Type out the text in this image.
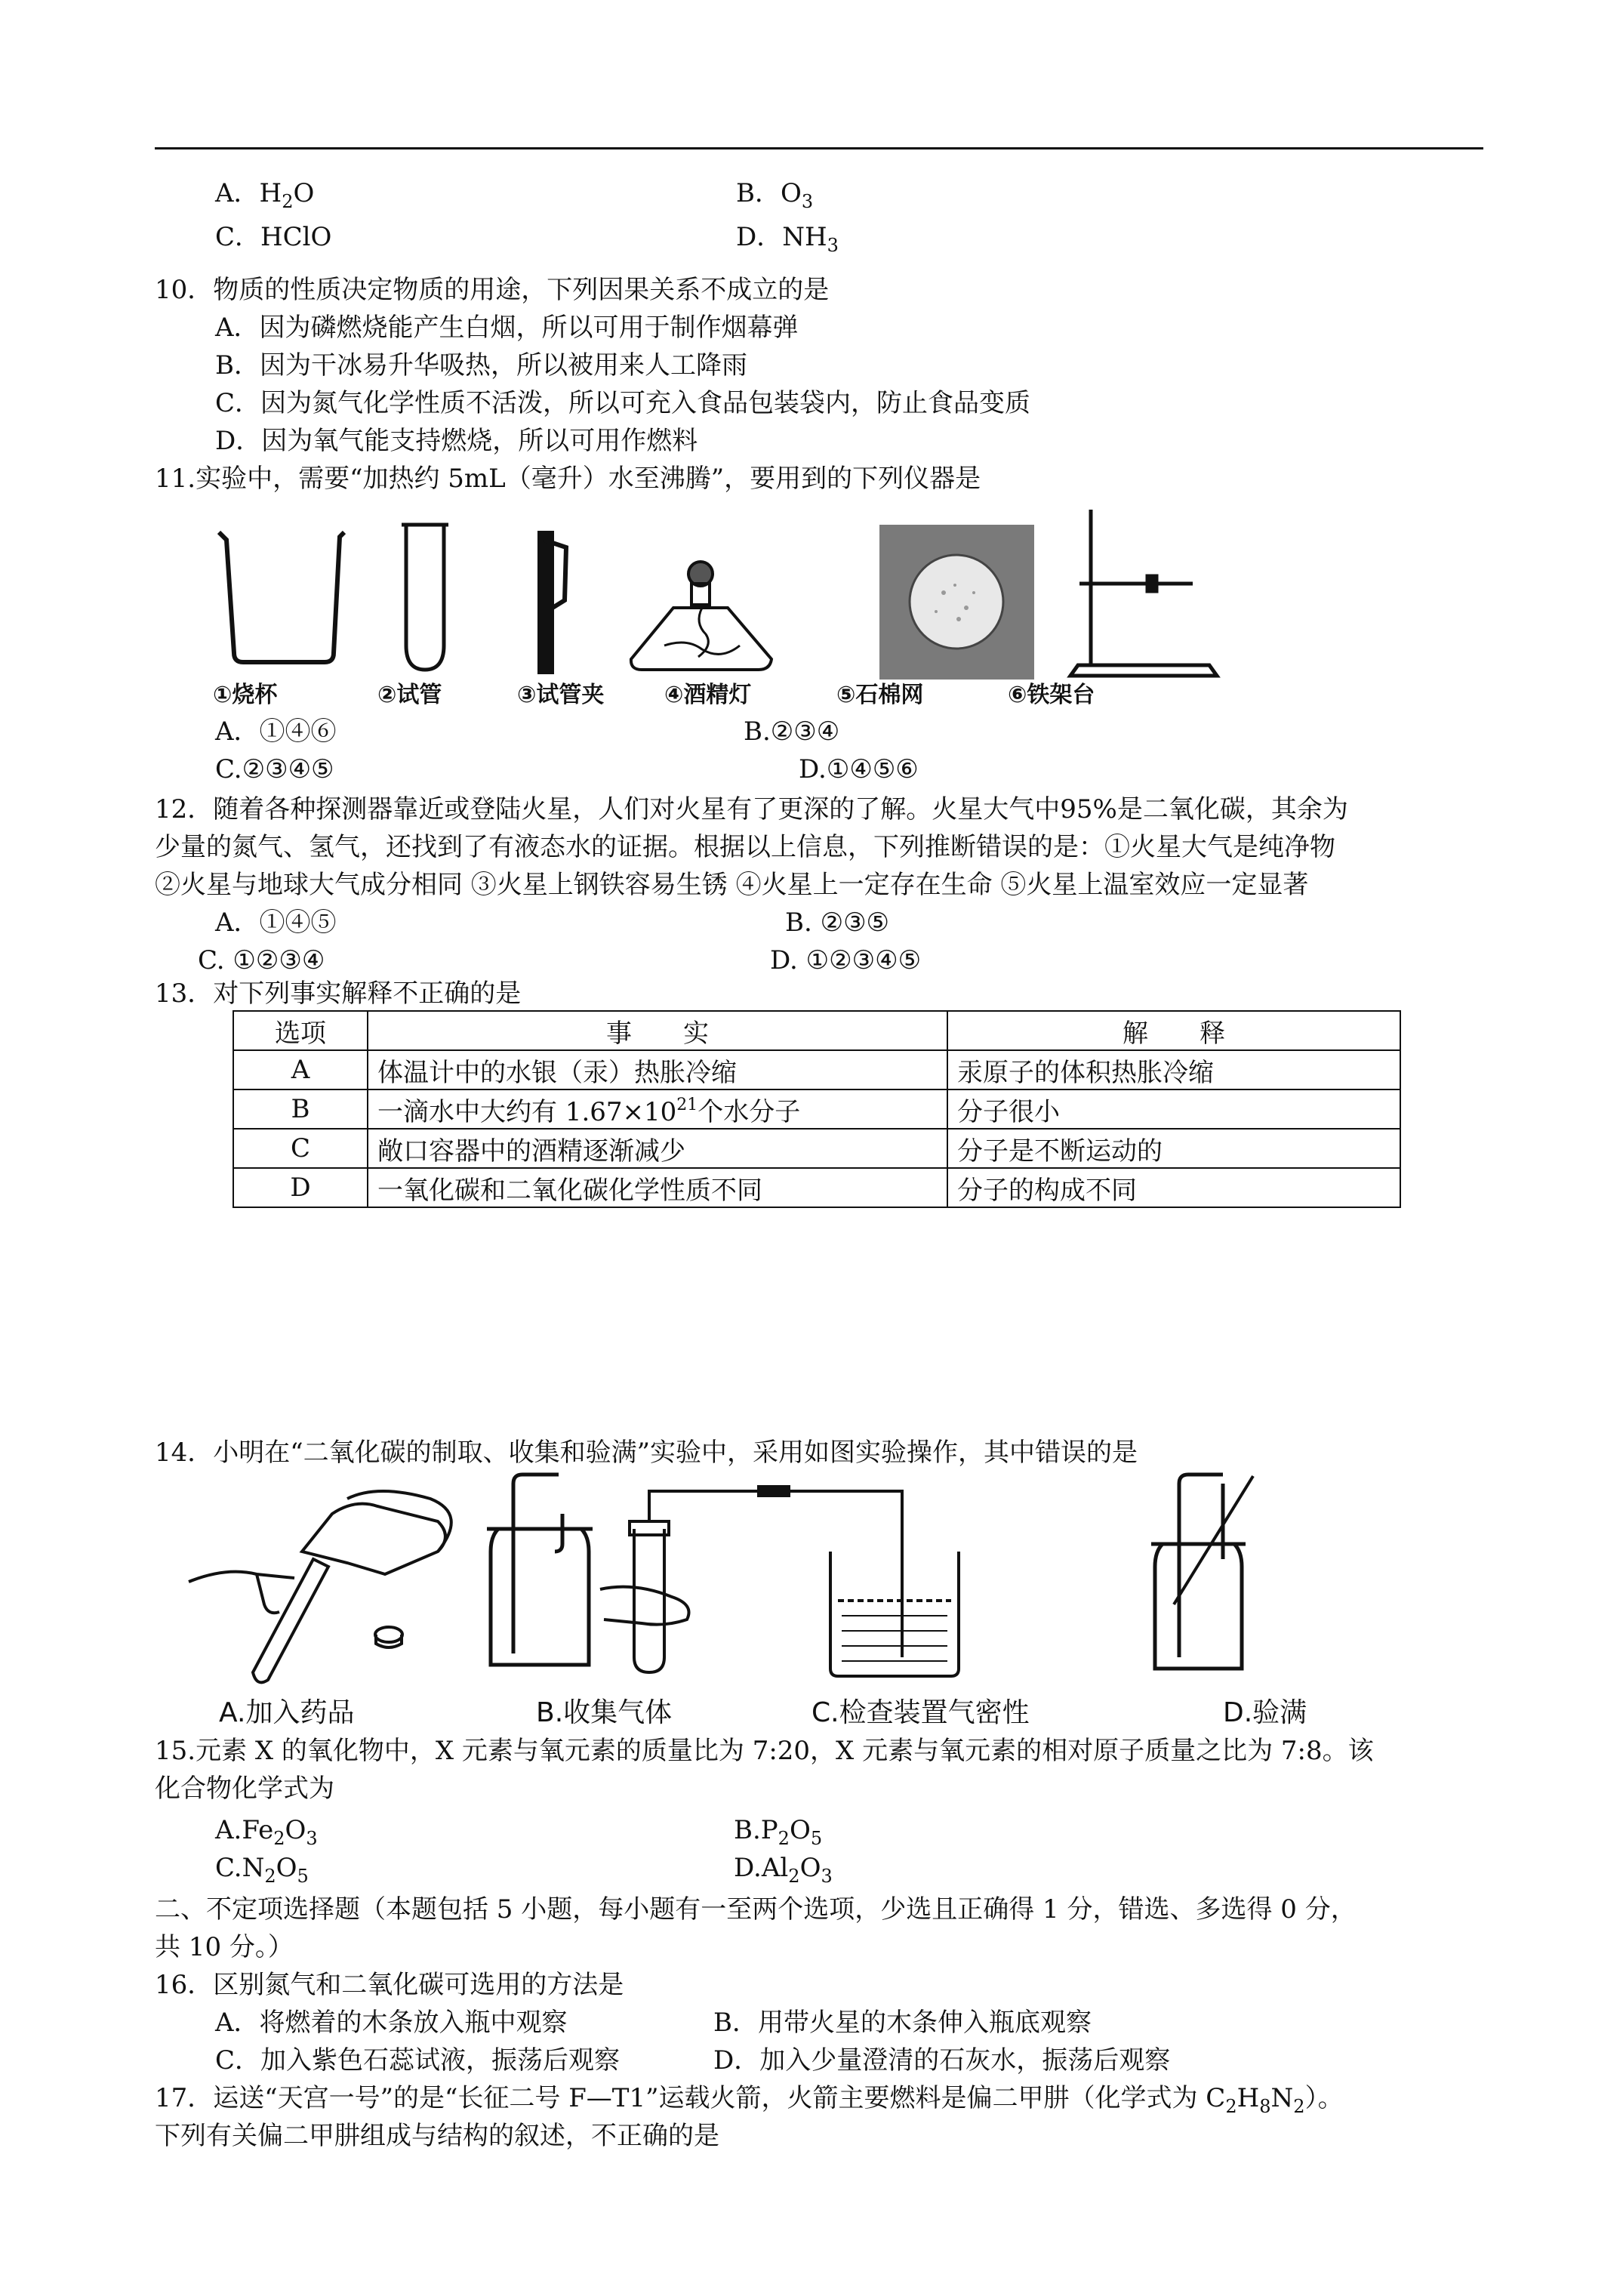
A．$H_2O$	B．$O_3$
C．HClO	D．$NH_3$
10．物质的性质决定物质的用途，下列因果关系不成立的是
A．因为磷燃烧能产生白烟，所以可用于制作烟幕弹
B．因为干冰易升华吸热，所以被用来人工降雨
C．因为氮气化学性质不活泼，所以可充入食品包装袋内，防止食品变质
D．因为氧气能支持燃烧，所以可用作燃料
11.实验中，需要“加热约 5mL（毫升）水至沸腾”，要用到的下列仪器是
①烧杯	②试管	③试管夹	④酒精灯	⑤石棉网	⑥铁架台
A．①④⑥	B.②③④
C.②③④⑤	D.①④⑤⑥
12．随着各种探测器靠近或登陆火星，人们对火星有了更深的了解。火星大气中95%是二氧化碳，其余为
少量的氮气、氢气，还找到了有液态水的证据。根据以上信息，下列推断错误的是：①火星大气是纯净物
②火星与地球大气成分相同 ③火星上钢铁容易生锈 ④火星上一定存在生命 ⑤火星上温室效应一定显著
A．①④⑤	B. ②③⑤
C. ①②③④	D. ①②③④⑤
13．对下列事实解释不正确的是
选项	事　　实	解　　释
A	体温计中的水银（汞）热胀冷缩	汞原子的体积热胀冷缩
B	一滴水中大约有 $1.67\times 10^{21}$个水分子	分子很小
C	敞口容器中的酒精逐渐减少	分子是不断运动的
D	一氧化碳和二氧化碳化学性质不同	分子的构成不同
14．小明在“二氧化碳的制取、收集和验满”实验中，采用如图实验操作，其中错误的是
A.加入药品	B.收集气体	C.检查装置气密性	D.验满
15.元素 X 的氧化物中，X 元素与氧元素的质量比为 7:20，X 元素与氧元素的相对原子质量之比为 7:8。该
化合物化学式为
$A.Fe_2O_3$	$B.P_2O_5$
$C.N_2O_5$	$D.Al_2O_3$
二、不定项选择题（本题包括 5 小题，每小题有一至两个选项，少选且正确得 1 分，错选、多选得 0 分，
共 10 分。）
16．区别氮气和二氧化碳可选用的方法是
A．将燃着的木条放入瓶中观察	B．用带火星的木条伸入瓶底观察
C．加入紫色石蕊试液，振荡后观察	D．加入少量澄清的石灰水，振荡后观察
17．运送“天宫一号”的是“长征二号 F—T1”运载火箭，火箭主要燃料是偏二甲肼（化学式为 $C_2H_8N_2$）。
下列有关偏二甲肼组成与结构的叙述，不正确的是
